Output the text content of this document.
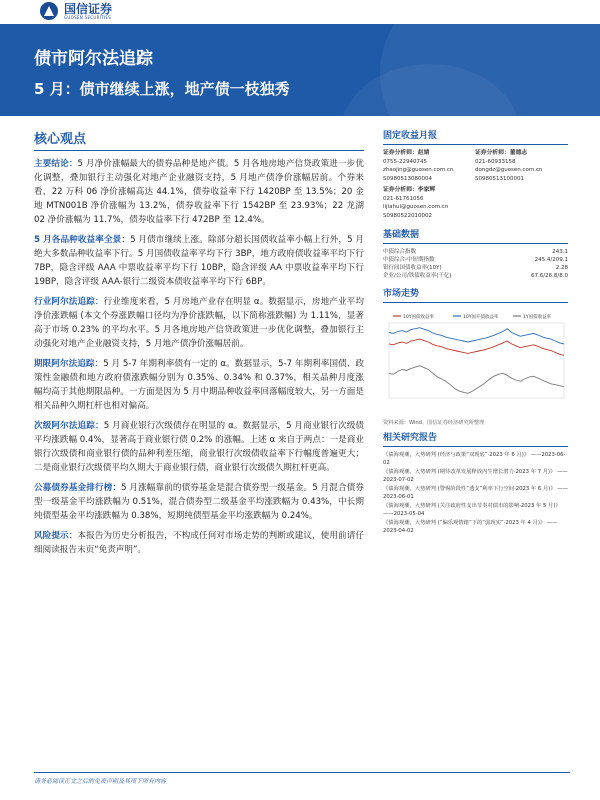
国信证券
GUOSEN SECURITIES
债市阿尔法追踪
5 月：债市继续上涨，地产债一枝独秀
核心观点
主要结论：5 月净价涨幅最大的债券品种是地产债。5 月各地房地产信贷政策进一步优化调整，叠加银行主动强化对地产企业融资支持，5 月地产债净价涨幅居前。个券来看，22 万科 06 净价涨幅高达 44.1%，债券收益率下行 1420BP 至 13.5%；20 金地 MTN001B 净价涨幅为 13.2%，债券收益率下行 1542BP 至 23.93%；22 龙湖 02 净价涨幅为 11.7%，债券收益率下行 472BP 至 12.4%。
5 月各品种收益率全景：5 月债市继续上涨。除部分超长国债收益率小幅上行外，5 月绝大多数品种收益率下行。5 月国债收益率平均下行 3BP，地方政府债收益率平均下行 7BP，隐含评级 AAA 中票收益率平均下行 10BP，隐含评级 AA 中票收益率平均下行 19BP，隐含评级 AAA-银行二级资本债收益率平均下行 6BP。
行业阿尔法追踪：行业维度来看，5 月房地产业存在明显 α。数据显示，房地产业平均净价涨跌幅 (本文个券涨跌幅口径均为净价涨跌幅，以下简称涨跌幅) 为 1.11%，显著高于市场 0.23% 的平均水平。5 月各地房地产信贷政策进一步优化调整，叠加银行主动强化对地产企业融资支持，5 月地产债净价涨幅居前。
期限阿尔法追踪：5 月 5-7 年期利率债有一定的 α。数据显示，5-7 年期利率国债、政策性金融债和地方政府债涨跌幅分别为 0.35%、0.34% 和 0.37%，相关品种月度涨幅均高于其他期限品种。一方面是因为 5 月中期品种收益率回落幅度较大，另一方面是相关品种久期杠杆也相对偏高。
次级阿尔法追踪：5 月商业银行次级债存在明显的 α。数据显示，5 月商业银行次级债平均涨跌幅 0.4%，显著高于商业银行债 0.2% 的涨幅。上述 α 来自于两点：一是商业银行次级债和商业银行债的品种利差压缩，商业银行次级债收益率下行幅度普遍更大；二是商业银行次级债平均久期大于商业银行债，商业银行次级债久期杠杆更高。
公募债券基金排行榜：5 月涨幅靠前的债券基金是混合债券型一级基金。5 月混合债券型一级基金平均涨跌幅为 0.51%，混合债券型二级基金平均涨跌幅为 0.43%，中长期纯债型基金平均涨跌幅为 0.38%，短期纯债型基金平均涨跌幅为 0.24%。
风险提示：本报告为历史分析报告，不构成任何对市场走势的判断或建议，使用前请仔细阅读报告末页“免责声明”。
固定收益月报
证券分析师：赵婧
0755-22940745
zhaojing@guosen.com.cn
S0980513080004
证券分析师：董德志
021-60933158
dongdz@guosen.com.cn
S0980513100001
证券分析师：李家辉
021-61761056
lijiahui@guosen.com.cn
S0980522010002
基础数据
中债综合指数	243.1
中债综合-中短期指数	245.4/209.1
银行间国债收益率(10Y)	2.28
企业/公司/铁债收益率(千亿)	67.6/26.8/8.0
市场走势
10Y国债收益率	10Y国开债收益率	1Y国债收益率
资料来源：Wind、国信证券经济研究所整理
相关研究报告
《债海观潮，大势研判 (经济与政策“双现底”·2023 年 6 月)》 ——2023-06-02
《债海观潮，大势研判 (期待改革发展释放内生增长潜力·2023 年 7 月)》 ——2023-07-02
《债海观潮，大势研判 (警惕阶段性“透支”利率下行空间·2023 年 6 月)》 ——2023-06-01
《债海观潮，大势研判 (关注政府性支出节奏对债市的影响·2023 年 5 月)》 ——2023-05-04
《债海观潮，大势研判 (“偏乐观情绪”下的“弱现实”·2023 年 4 月)》 ——2023-04-02
请务必阅读正文之后的免责声明及其项下所有内容
